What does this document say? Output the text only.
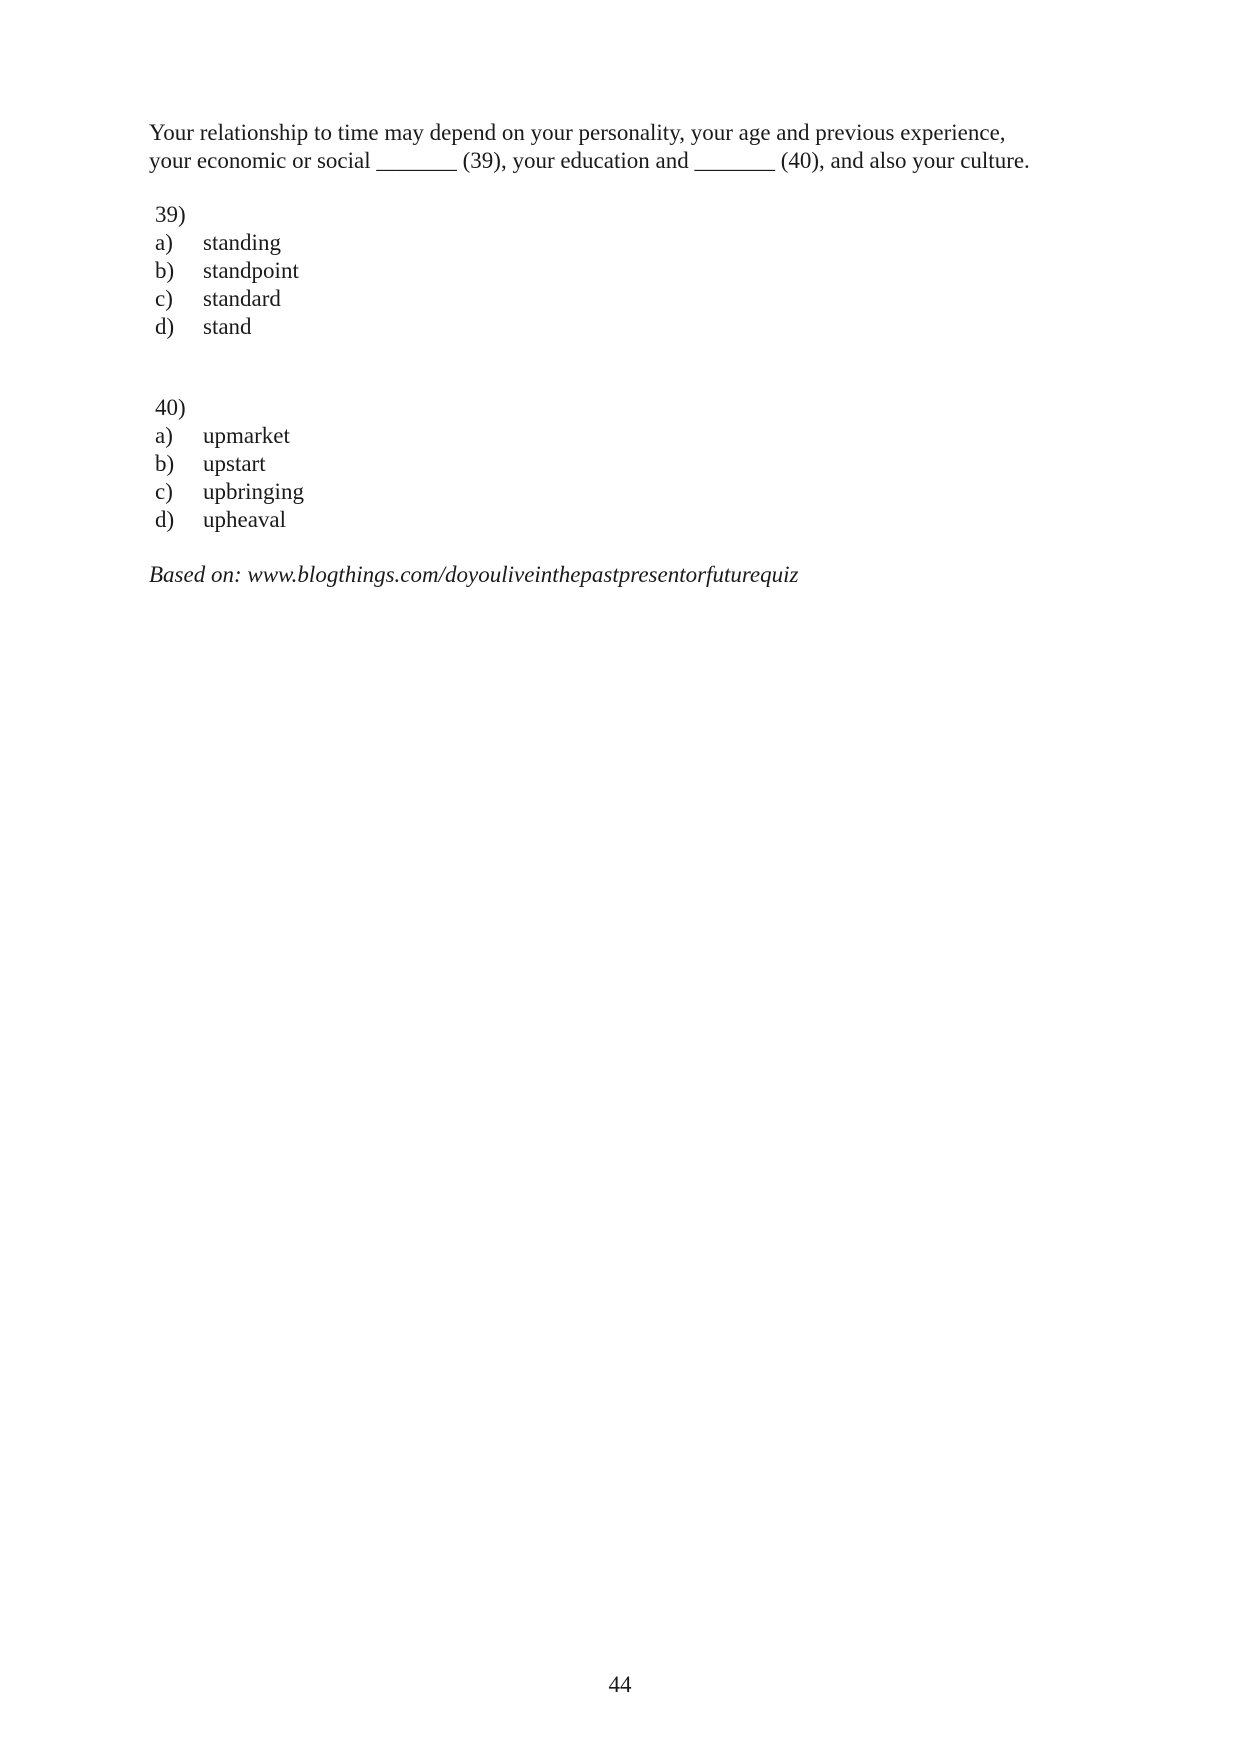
Your relationship to time may depend on your personality, your age and previous experience,
your economic or social _______ (39), your education and _______ (40), and also your culture.
39)
a) standing
b) standpoint
c) standard
d) stand
40)
a) upmarket
b) upstart
c) upbringing
d) upheaval
Based on: www.blogthings.com/doyouliveinthepastpresentorfuturequiz
44
